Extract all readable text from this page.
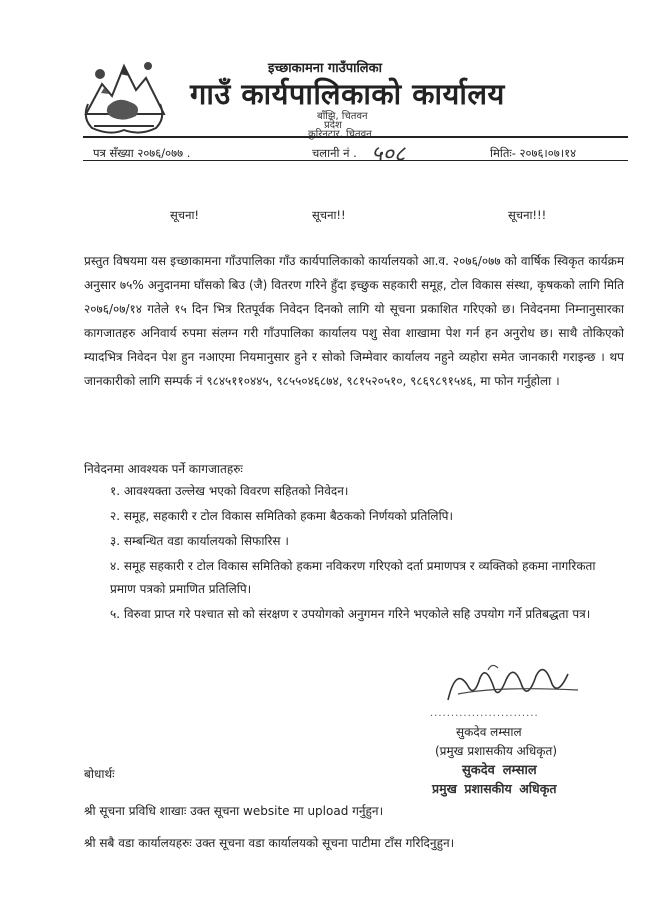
इच्छाकामना गाउँपालिका
गाउँ कार्यपालिकाको कार्यालय
बाँझि, चितवन
प्रदेश
कुरिनटार, चितवन
पत्र सँख्या २०७६/०७७ .	चलानी नं . ५०८	मितिः- २०७६।०७।१४
सूचना!	सूचना!!	सूचना!!!
प्रस्तुत विषयमा यस इच्छाकामना गाँउपालिका गाँउ कार्यपालिकाको कार्यालयको आ.व. २०७६/०७७ को वार्षिक स्विकृत कार्यक्रम अनुसार ७५% अनुदानमा घाँसको बिउ (जै) वितरण गरिने हुँदा इच्छुक सहकारी समूह, टोल विकास संस्था, कृषकको लागि मिति २०७६/०७/१४ गतेले १५ दिन भित्र रितपूर्वक निवेदन दिनको लागि यो सूचना प्रकाशित गरिएको छ। निवेदनमा निम्नानुसारका कागजातहरु अनिवार्य रुपमा संलग्न गरी गाँउपालिका कार्यालय पशु सेवा शाखामा पेश गर्न हन अनुरोध छ। साथै तोकिएको म्यादभित्र निवेदन पेश हुन नआएमा नियमानुसार हुने र सोको जिम्मेवार कार्यालय नहुने व्यहोरा समेत जानकारी गराइन्छ । थप जानकारीको लागि सम्पर्क नं ९८४५११०४४५, ९८५५०४६८७४, ९८१५२०५१०, ९८६९८९१५४६, मा फोन गर्नुहोला ।
निवेदनमा आवश्यक पर्ने कागजातहरुः
१. आवश्यक्ता उल्लेख भएको विवरण सहितको निवेदन।
२. समूह, सहकारी र टोल विकास समितिको हकमा बैठकको निर्णयको प्रतिलिपि।
३. सम्बन्धित वडा कार्यालयको सिफारिस ।
४. समूह सहकारी र टोल विकास समितिको हकमा नविकरण गरिएको दर्ता प्रमाणपत्र र व्यक्तिको हकमा नागरिकता प्रमाण पत्रको प्रमाणित प्रतिलिपि।
५. विरुवा प्राप्त गरे पश्चात सो को संरक्षण र उपयोगको अनुगमन गरिने भएकोले सहि उपयोग गर्ने प्रतिबद्धता पत्र।
..........................
सुकदेव लम्साल
(प्रमुख प्रशासकीय अधिकृत)
सुकदेव लम्साल
प्रमुख प्रशासकीय अधिकृत
बोधार्थः
श्री सूचना प्रविधि शाखाः उक्त सूचना website मा upload गर्नुहुन।
श्री सबै वडा कार्यालयहरुः उक्त सूचना वडा कार्यालयको सूचना पाटीमा टाँस गरिदिनुहुन।
